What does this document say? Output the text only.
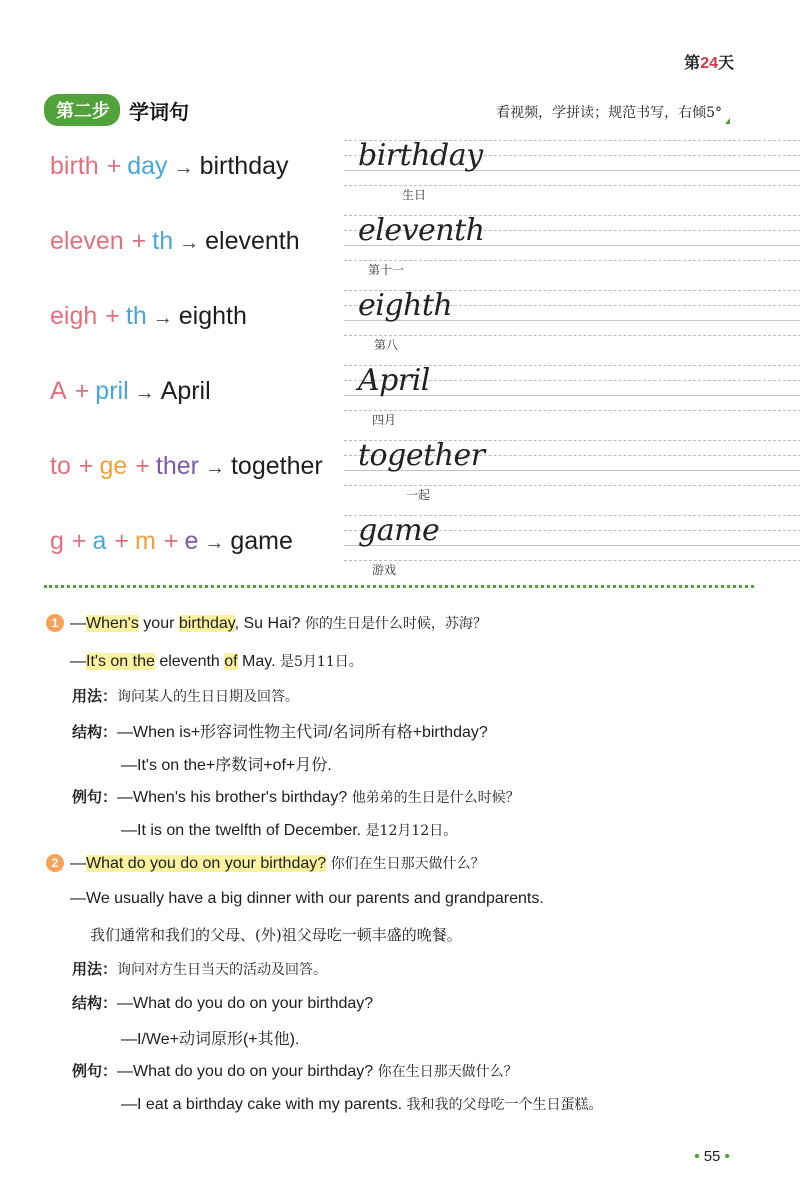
第24天
第二步 学词句	看视频，学拼读；规范书写，右倾5°
birth + day → birthday birthday
生日
eleven + th → eleventh eleventh
第十一
eigh + th → eighth	eighth
第八
A + pril → April	April
四月
to + ge + ther → together together
一起
g + a + m + e → game game
游戏
1 —When's your birthday, Su Hai? 你的生日是什么时候，苏海？
—It's on the eleventh of May. 是5月11日。
用法：询问某人的生日日期及回答。
结构：—When is+形容词性物主代词/名词所有格+birthday?
—It's on the+序数词+of+月份.
例句：—When's his brother's birthday? 他弟弟的生日是什么时候？
—It is on the twelfth of December. 是12月12日。
2 —What do you do on your birthday? 你们在生日那天做什么？
—We usually have a big dinner with our parents and grandparents.
我们通常和我们的父母、(外)祖父母吃一顿丰盛的晚餐。
用法：询问对方生日当天的活动及回答。
结构：—What do you do on your birthday?
—I/We+动词原形(+其他).
例句：—What do you do on your birthday? 你在生日那天做什么？
—I eat a birthday cake with my parents. 我和我的父母吃一个生日蛋糕。
• 55 •
